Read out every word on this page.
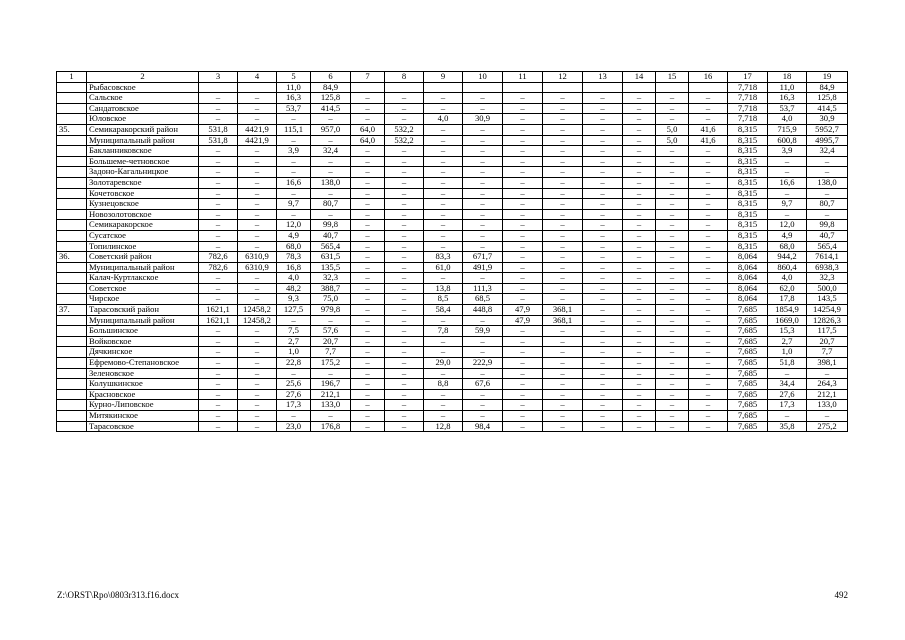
1	2	3	4	5	6	7	8	9	10	11	12	13	14	15	16	17	18	19
	Рыбасовское			11,0	84,9											7,718	11,0	84,9
	Сальское	–	–	16,3	125,8	–	–	–	–	–	–	–	–	–	–	7,718	16,3	125,8
	Сандатовское	–	–	53,7	414,5	–	–	–	–	–	–	–	–	–	–	7,718	53,7	414,5
	Юловское	–	–	–	–	–	–	4,0	30,9	–	–	–	–	–	–	7,718	4,0	30,9
35.	Семикаракорский район	531,8	4421,9	115,1	957,0	64,0	532,2	–	–	–	–	–	–	5,0	41,6	8,315	715,9	5952,7
	Муниципальный район	531,8	4421,9	–	–	64,0	532,2	–	–	–	–	–	–	5,0	41,6	8,315	600,8	4995,7
	Бакланниковское	–	–	3,9	32,4	–	–	–	–	–	–	–	–	–	–	8,315	3,9	32,4
	Большеме-четновское	–	–	–	–	–	–	–	–	–	–	–	–	–	–	8,315	–	–
	Задоно-Кагальницкое	–	–	–	–	–	–	–	–	–	–	–	–	–	–	8,315	–	–
	Золотаревское	–	–	16,6	138,0	–	–	–	–	–	–	–	–	–	–	8,315	16,6	138,0
	Кочетовское	–	–	–	–	–	–	–	–	–	–	–	–	–	–	8,315	–	–
	Кузнецовское	–	–	9,7	80,7	–	–	–	–	–	–	–	–	–	–	8,315	9,7	80,7
	Новозолотовское	–	–	–	–	–	–	–	–	–	–	–	–	–	–	8,315	–	–
	Семикаракорское	–	–	12,0	99,8	–	–	–	–	–	–	–	–	–	–	8,315	12,0	99,8
	Сусатское	–	–	4,9	40,7	–	–	–	–	–	–	–	–	–	–	8,315	4,9	40,7
	Топилинское	–	–	68,0	565,4	–	–	–	–	–	–	–	–	–	–	8,315	68,0	565,4
36.	Советский район	782,6	6310,9	78,3	631,5	–	–	83,3	671,7	–	–	–	–	–	–	8,064	944,2	7614,1
	Муниципальный район	782,6	6310,9	16,8	135,5	–	–	61,0	491,9	–	–	–	–	–	–	8,064	860,4	6938,3
	Калач-Куртлакское	–	–	4,0	32,3	–	–	–	–	–	–	–	–	–	–	8,064	4,0	32,3
	Советское	–	–	48,2	388,7	–	–	13,8	111,3	–	–	–	–	–	–	8,064	62,0	500,0
	Чирское	–	–	9,3	75,0	–	–	8,5	68,5	–	–	–	–	–	–	8,064	17,8	143,5
37.	Тарасовский район	1621,1	12458,2	127,5	979,8	–	–	58,4	448,8	47,9	368,1	–	–	–	–	7,685	1854,9	14254,9
	Муниципальный район	1621,1	12458,2	–	–	–	–	–	–	47,9	368,1	–	–	–	–	7,685	1669,0	12826,3
	Большинское	–	–	7,5	57,6	–	–	7,8	59,9	–	–	–	–	–	–	7,685	15,3	117,5
	Войковское	–	–	2,7	20,7	–	–	–	–	–	–	–	–	–	–	7,685	2,7	20,7
	Дячкинское	–	–	1,0	7,7	–	–	–	–	–	–	–	–	–	–	7,685	1,0	7,7
	Ефремово-Степановское	–	–	22,8	175,2	–	–	29,0	222,9	–	–	–	–	–	–	7,685	51,8	398,1
	Зеленовское	–	–	–	–	–	–	–	–	–	–	–	–	–	–	7,685	–	–
	Колушкинское	–	–	25,6	196,7	–	–	8,8	67,6	–	–	–	–	–	–	7,685	34,4	264,3
	Красновское	–	–	27,6	212,1	–	–	–	–	–	–	–	–	–	–	7,685	27,6	212,1
	Курно-Липовское	–	–	17,3	133,0	–	–	–	–	–	–	–	–	–	–	7,685	17,3	133,0
	Митякинское	–	–	–	–	–	–	–	–	–	–	–	–	–	–	7,685	–	–
	Тарасовское	–	–	23,0	176,8	–	–	12,8	98,4	–	–	–	–	–	–	7,685	35,8	275,2
Z:\ORST\Rpo\0803r313.f16.docx	492
